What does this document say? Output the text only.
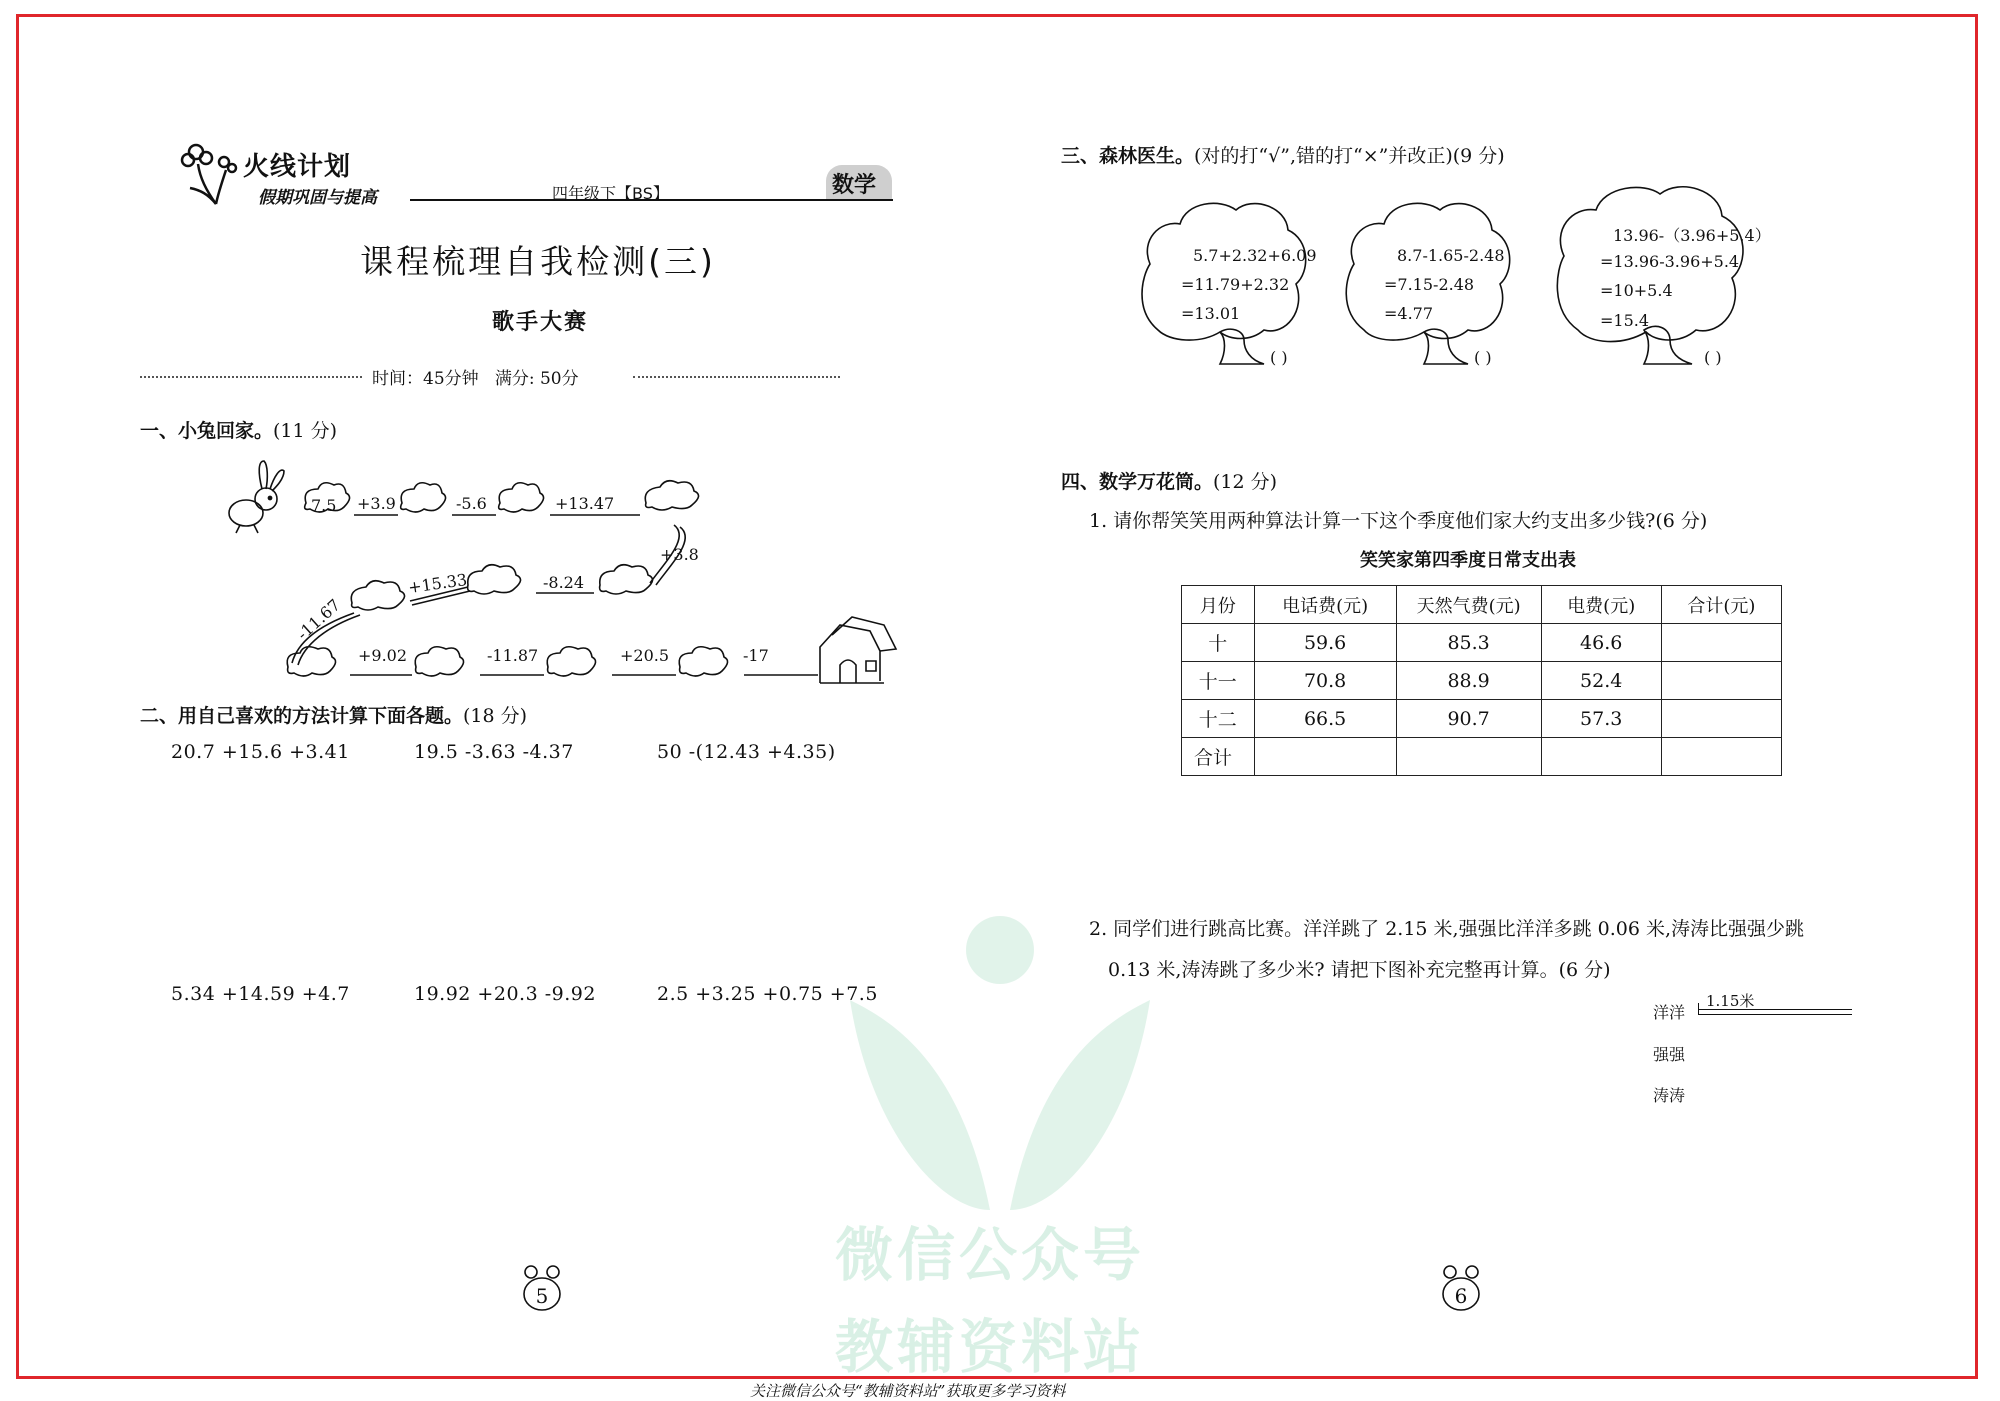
火线计划
假期巩固与提高	四年级下【BS】	数学
课程梳理自我检测(三)
歌手大赛
时间：45分钟   满分: 50分
一、小兔回家。(11 分)
7.5 +3.9	-5.6	+13.47
+3.8
-8.24
+15.33
-11.67
+9.02	-11.87	+20.5	-17
二、用自己喜欢的方法计算下面各题。(18 分)
20.7 +15.6 +3.41	19.5 -3.63 -4.37	50 -(12.43 +4.35)
5.34 +14.59 +4.7	19.92 +20.3 -9.92	2.5 +3.25 +0.75 +7.5
5
三、森林医生。(对的打“√”,错的打“×”并改正)(9 分)
5.7+2.32+6.09
=11.79+2.32
=13.01
( )
8.7-1.65-2.48
=7.15-2.48
=4.77
( )
13.96-（3.96+5.4）
=13.96-3.96+5.4
=10+5.4
=15.4
( )
四、数学万花筒。(12 分)
1. 请你帮笑笑用两种算法计算一下这个季度他们家大约支出多少钱?(6 分)
笑笑家第四季度日常支出表
月份	电话费(元)	天然气费(元)	电费(元)	合计(元)
十	59.6	85.3	46.6	
十一	70.8	88.9	52.4	
十二	66.5	90.7	57.3	
合计				
2. 同学们进行跳高比赛。洋洋跳了 2.15 米,强强比洋洋多跳 0.06 米,涛涛比强强少跳
0.13 米,涛涛跳了多少米? 请把下图补充完整再计算。(6 分)
洋洋
强强
涛涛
1.15米
6
微信公众号
教辅资料站
关注微信公众号“教辅资料站”获取更多学习资料
